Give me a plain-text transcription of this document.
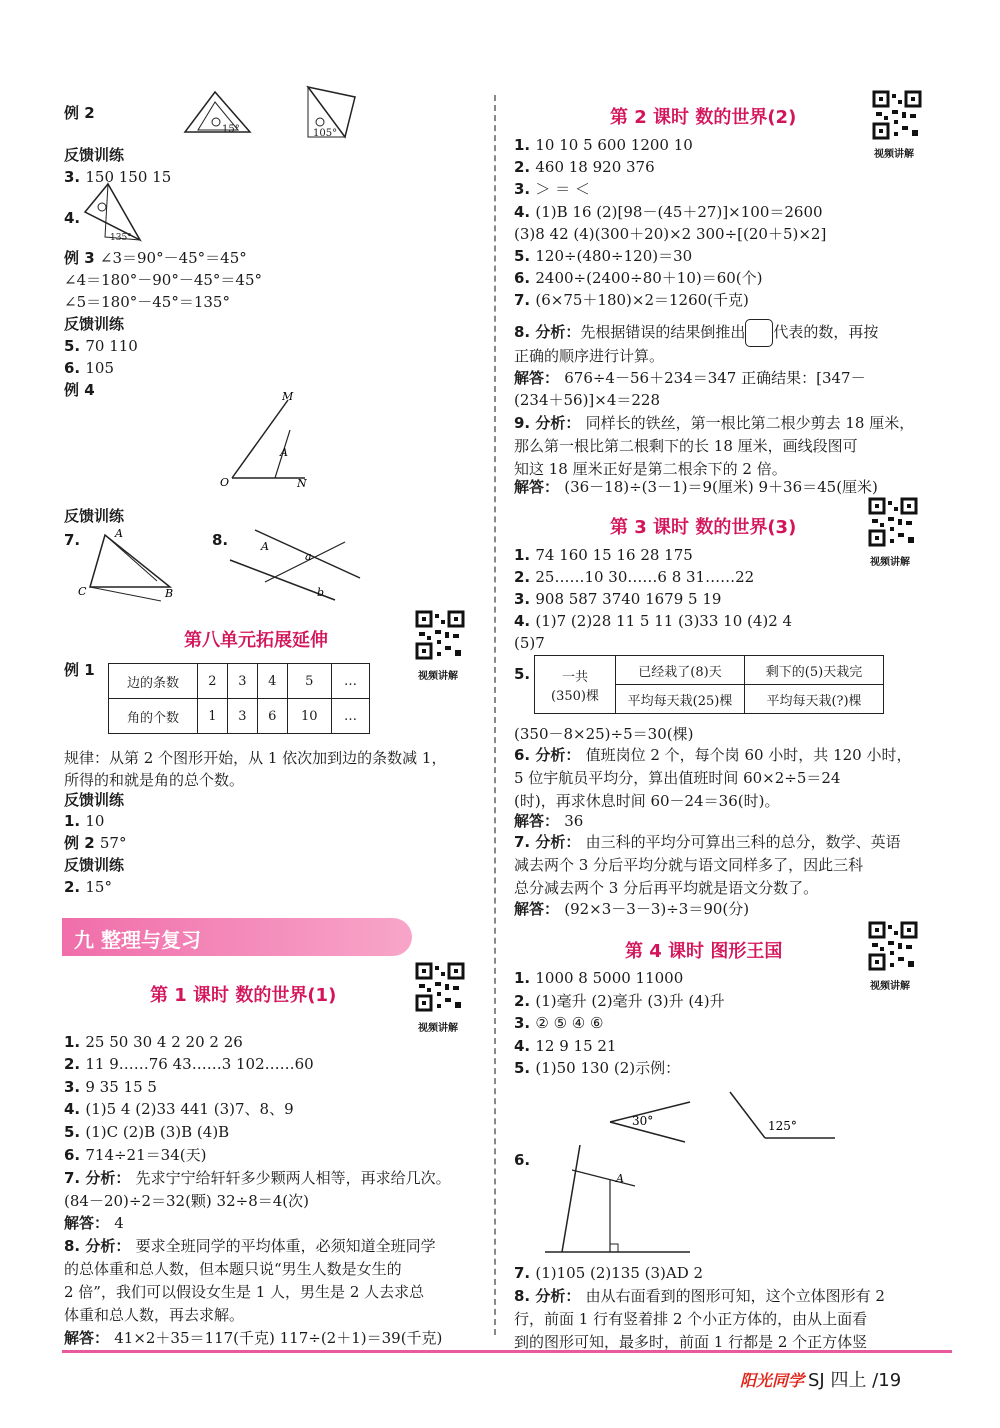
例 2
反馈训练
3. 150 150 15
4.
例 3 ∠3＝90°－45°＝45°
∠4＝180°－90°－45°＝45°
∠5＝180°－45°＝135°
反馈训练
5. 70 110
6. 105
例 4
反馈训练
7.
例 1
规律：从第 2 个图形开始，从 1 依次加到边的条数减 1，
所得的和就是角的总个数。
反馈训练
1. 10
例 2 57°
反馈训练
2. 15°
1. 25 50 30 4 2 20 2 26
2. 11 9……76 43……3 102……60
3. 9 35 15 5
4. (1)5 4 (2)33 441 (3)7、8、9
5. (1)C (2)B (3)B (4)B
6. 714÷21＝34(天)
7. 分析： 先求宁宁给轩轩多少颗两人相等，再求给几次。
(84－20)÷2＝32(颗) 32÷8＝4(次)
解答： 4
8. 分析： 要求全班同学的平均体重，必须知道全班同学
的总体重和总人数，但本题只说“男生人数是女生的
2 倍”，我们可以假设女生是 1 人，男生是 2 人去求总
体重和总人数，再去求解。
解答： 41×2＋35＝117(千克) 117÷(2＋1)＝39(千克)
1. 10 10 5 600 1200 10
2. 460 18 920 376
3. ＞ ＝ ＜
4. (1)B 16 (2)[98－(45＋27)]×100＝2600
(3)8 42 (4)(300＋20)×2 300÷[(20＋5)×2]
5. 120÷(480÷120)＝30
6. 2400÷(2400÷80＋10)＝60(个)
7. (6×75＋180)×2＝1260(千克)
正确的顺序进行计算。
解答： 676÷4－56＋234＝347 正确结果：[347－
(234＋56)]×4＝228
9. 分析： 同样长的铁丝，第一根比第二根少剪去 18 厘米，
那么第一根比第二根剩下的长 18 厘米，画线段图可
知这 18 厘米正好是第二根余下的 2 倍。
解答： (36－18)÷(3－1)＝9(厘米) 9＋36＝45(厘米)
1. 74 160 15 16 28 175
2. 25……10 30……6 8 31……22
3. 908 587 3740 1679 5 19
4. (1)7 (2)28 11 5 11 (3)33 10 (4)2 4
(5)7
5.
(350－8×25)÷5＝30(棵)
6. 分析： 值班岗位 2 个，每个岗 60 小时，共 120 小时，
5 位宇航员平均分，算出值班时间 60×2÷5＝24
(时)，再求休息时间 60－24＝36(时)。
解答： 36
7. 分析： 由三科的平均分可算出三科的总分，数学、英语
减去两个 3 分后平均分就与语文同样多了，因此三科
总分减去两个 3 分后再平均就是语文分数了。
解答： (92×3－3－3)÷3＝90(分)
1. 1000 8 5000 11000
2. (1)毫升 (2)毫升 (3)升 (4)升
3. ② ⑤ ④ ⑥
4. 12 9 15 21
5. (1)50 130 (2)示例：
6.
7. (1)105 (2)135 (3)AD 2
8. 分析： 由从右面看到的图形可知，这个立体图形有 2
行，前面 1 行有竖着排 2 个小正方体的，由从上面看
到的图形可知，最多时，前面 1 行都是 2 个正方体竖
15°	105°
135°
M
O	N
A
A
C	B
8.	A
a
b
第八单元拓展延伸
边的条数	2	3	4	5	…
角的个数	1	3	6	10	…
九 整理与复习
第 1 课时 数的世界(1)
第 2 课时 数的世界(2)
第 3 课时 数的世界(3)
第 4 课时 图形王国
8. 分析：先根据错误的结果倒推出 代表的数，再按
一共
(350)棵	已经栽了(8)天	剩下的(5)天栽完
	平均每天栽(25)棵	平均每天栽(?)棵
30°	125°
A
视频讲解
视频讲解
视频讲解
视频讲解
视频讲解
阳光同学 SJ 四上 /19
